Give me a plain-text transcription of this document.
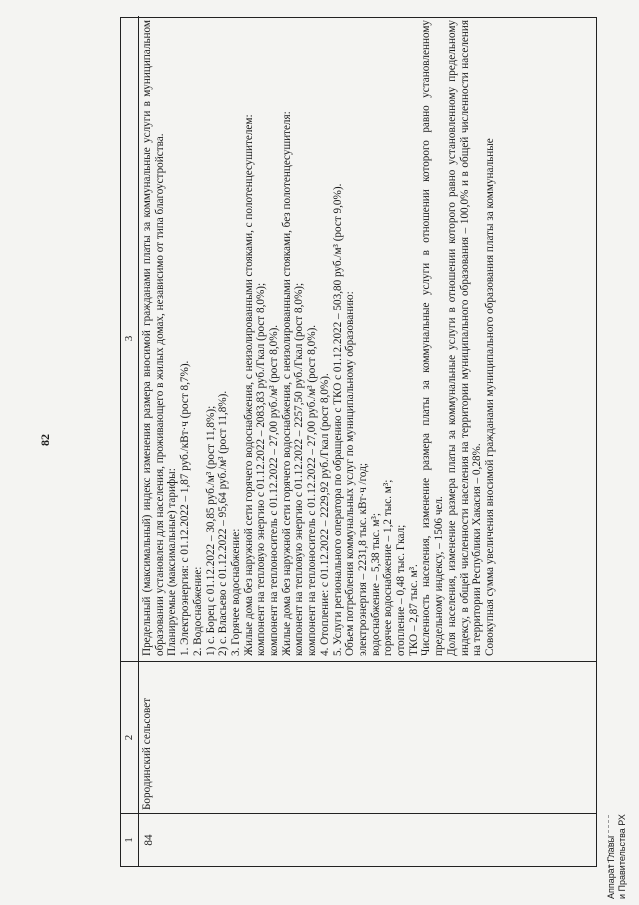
82
Аппарат Главы и Правительства РХ
1
2
3
84
Бородинский сельсовет
Предельный (максимальный) индекс изменения размера вносимой гражданами платы за коммунальные услуги в муниципальном образовании установлен для населения, проживающего в жилых домах, независимо от типа благоустройства. Планируемые (максимальные) тарифы: 1. Электроэнергия: с 01.12.2022 – 1,87 руб./кВт·ч (рост 8,7%). 2. Водоснабжение: 1) с. Борец с 01.12.2022 – 30,85 руб./м³ (рост 11,8%); 2) с. Власьево с 01.12.2022 – 95,64 руб./м³ (рост 11,8%). 3. Горячее водоснабжение: Жилые дома без наружной сети горячего водоснабжения, с неизолированными стояками, с полотенцесушителем: компонент на тепловую энергию с 01.12.2022 – 2083,83 руб./Гкал (рост 8,0%); компонент на теплоноситель с 01.12.2022 – 27,00 руб./м³ (рост 8,0%). Жилые дома без наружной сети горячего водоснабжения, с неизолированными стояками, без полотенцесушителя: компонент на тепловую энергию с 01.12.2022 – 2257,50 руб./Гкал (рост 8,0%); компонент на теплоноситель с 01.12.2022 – 27,00 руб./м³ (рост 8,0%). 4. Отопление: с 01.12.2022 – 2229,92 руб./Гкал (рост 8,0%). 5. Услуги регионального оператора по обращению с ТКО с 01.12.2022 – 503,80 руб./м³ (рост 9,0%). Объем потребления коммунальных услуг по муниципальному образованию: электроэнергия – 2231,8 тыс. кВт·ч /год; водоснабжение – 5,38 тыс. м³; горячее водоснабжение – 1,2 тыс. м³; отопление – 0,48 тыс. Гкал; ТКО – 2,87 тыс. м³. Численность населения, изменение размера платы за коммунальные услуги в отношении которого равно установленному предельному индексу, – 1506 чел. Доля населения, изменение размера платы за коммунальные услуги в отношении которого равно установленному предельному индексу, в общей численности населения на территории муниципального образования – 100,0% и в общей численности населения на территории Республики Хакасия – 0,28%. Совокупная сумма увеличения вносимой гражданами муниципального образования платы за коммунальные
